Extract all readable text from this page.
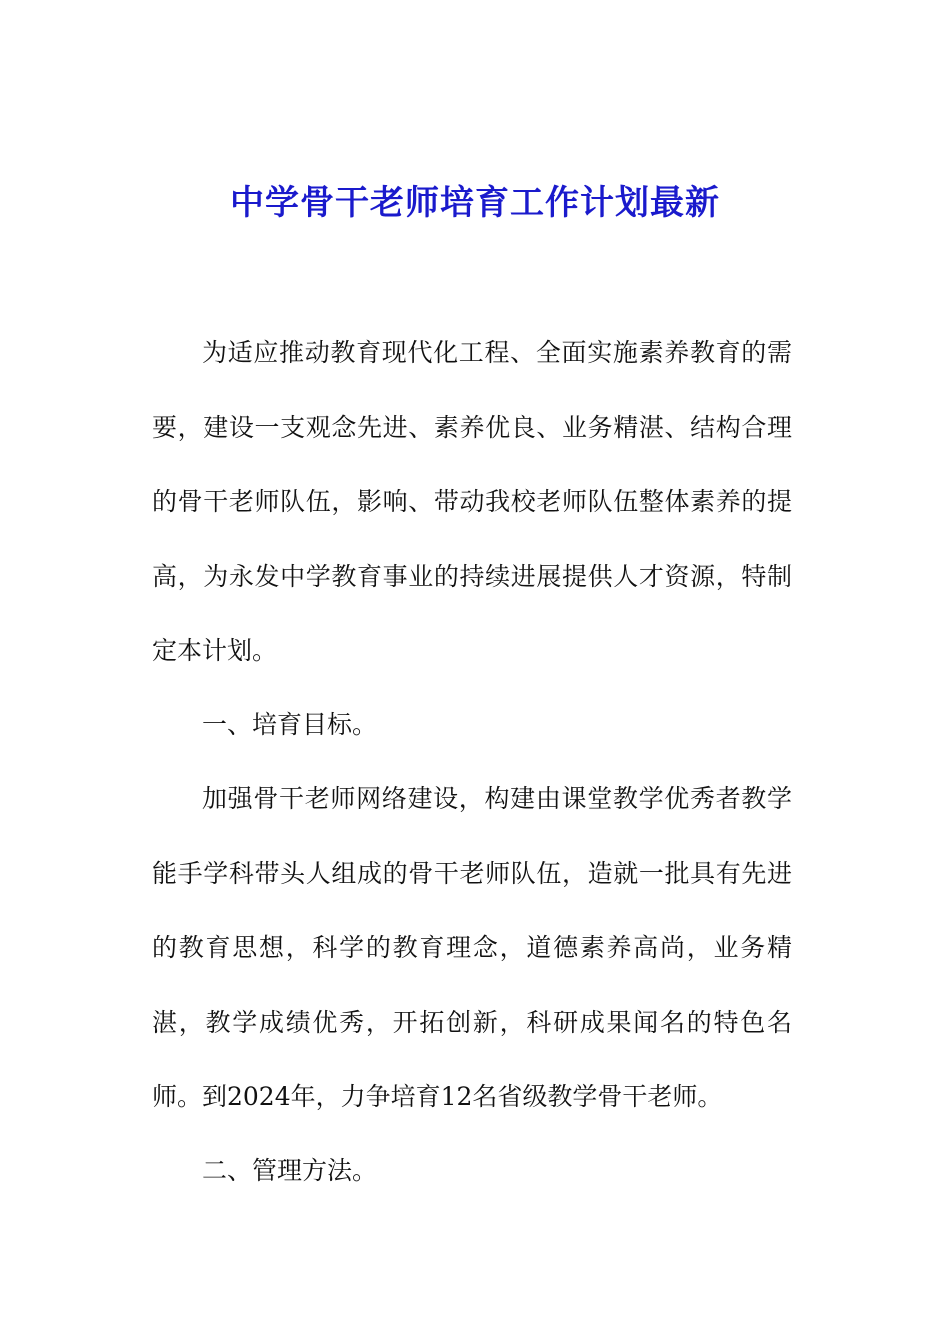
中学骨干老师培育工作计划最新

为适应推动教育现代化工程、全面实施素养教育的需要，建设一支观念先进、素养优良、业务精湛、结构合理的骨干老师队伍，影响、带动我校老师队伍整体素养的提高，为永发中学教育事业的持续进展提供人才资源，特制定本计划。

一、培育目标。

加强骨干老师网络建设，构建由课堂教学优秀者教学能手学科带头人组成的骨干老师队伍，造就一批具有先进的教育思想，科学的教育理念，道德素养高尚，业务精湛，教学成绩优秀，开拓创新，科研成果闻名的特色名师。到2024年，力争培育12名省级教学骨干老师。

二、管理方法。
